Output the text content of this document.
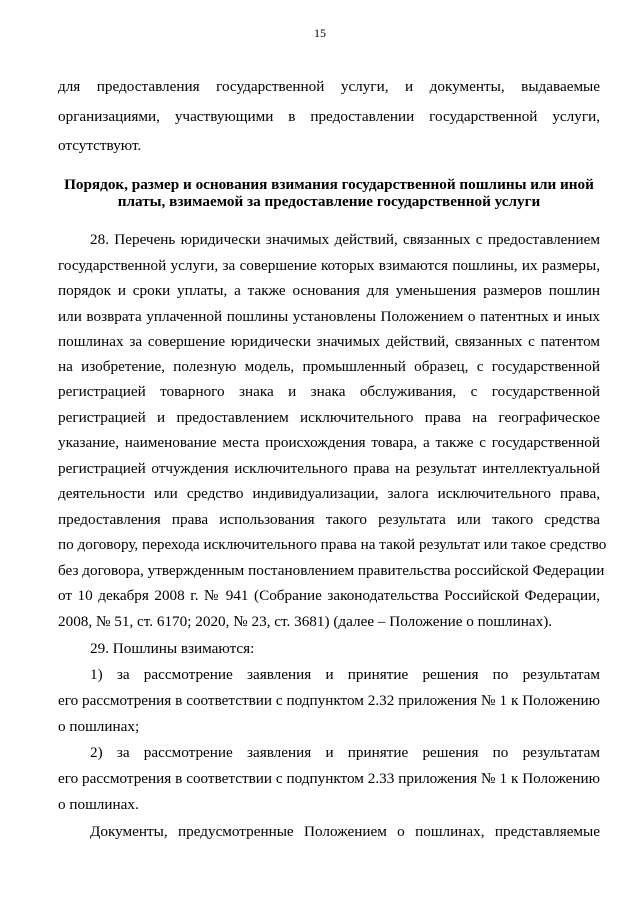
15
для предоставления государственной услуги, и документы, выдаваемые
организациями, участвующими в предоставлении государственной услуги,
отсутствуют.
Порядок, размер и основания взимания государственной пошлины или иной
платы, взимаемой за предоставление государственной услуги
28. Перечень юридически значимых действий, связанных с предоставлением
государственной услуги, за совершение которых взимаются пошлины, их размеры,
порядок и сроки уплаты, а также основания для уменьшения размеров пошлин
или возврата уплаченной пошлины установлены Положением о патентных и иных
пошлинах за совершение юридически значимых действий, связанных с патентом
на изобретение, полезную модель, промышленный образец, с государственной
регистрацией товарного знака и знака обслуживания, с государственной
регистрацией и предоставлением исключительного права на географическое
указание, наименование места происхождения товара, а также с государственной
регистрацией отчуждения исключительного права на результат интеллектуальной
деятельности или средство индивидуализации, залога исключительного права,
предоставления права использования такого результата или такого средства
по договору, перехода исключительного права на такой результат или такое средство
без договора, утвержденным постановлением правительства российской Федерации
от 10 декабря 2008 г. № 941 (Собрание законодательства Российской Федерации,
2008, № 51, ст. 6170; 2020, № 23, ст. 3681) (далее – Положение о пошлинах).
29. Пошлины взимаются:
1) за рассмотрение заявления и принятие решения по результатам
его рассмотрения в соответствии с подпунктом 2.32 приложения № 1 к Положению
о пошлинах;
2) за рассмотрение заявления и принятие решения по результатам
его рассмотрения в соответствии с подпунктом 2.33 приложения № 1 к Положению
о пошлинах.
Документы, предусмотренные Положением о пошлинах, представляемые
